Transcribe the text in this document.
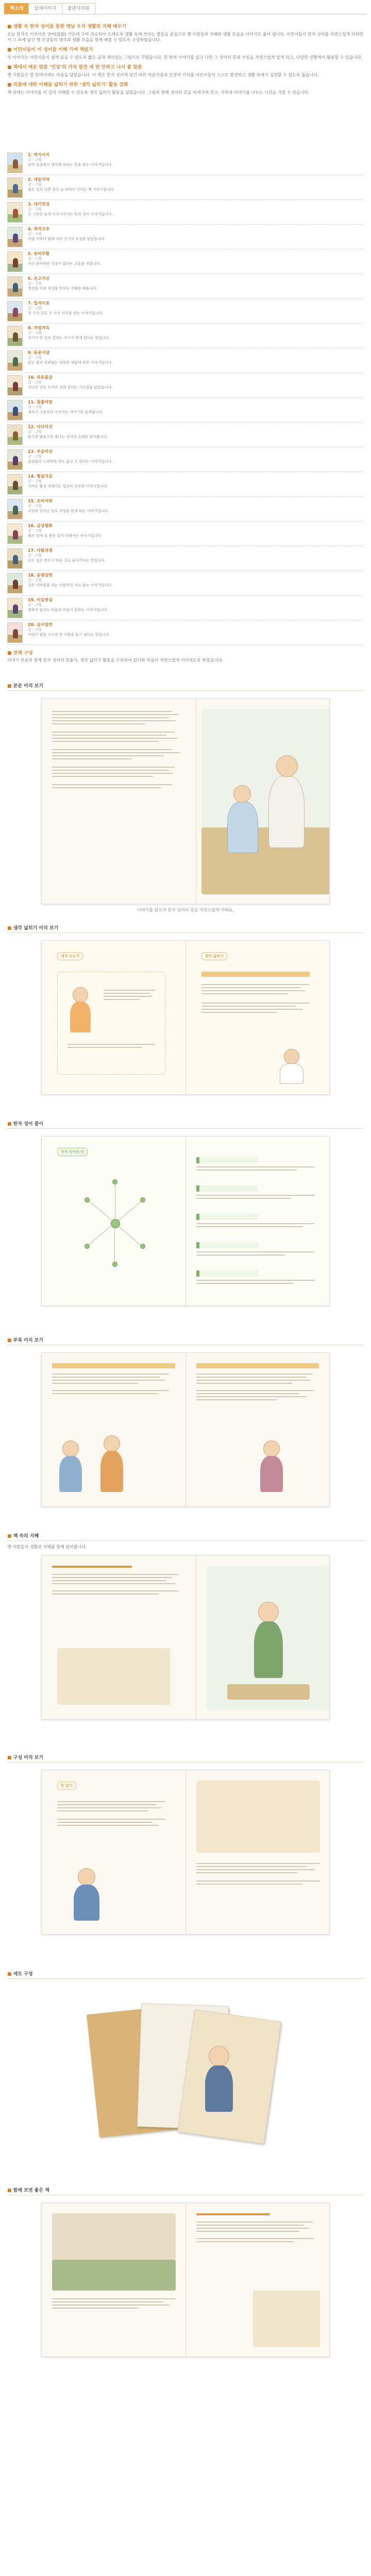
책소개	상세이미지	출판사리뷰
■ 생활 속 한자 성어를 통한 옛날 우리 생활의 지혜 배우기

오늘 한자로 이루어진 성어(成語) 가운데 구비 전승되어 오래도록 생활 속에 쓰이는 말들을 중심으로 옛 사람들의 지혜와 생활 모습을 이야기로 풀어 냅니다. 어린이들이 한자 성어를 자연스럽게 익히면서 그 속에 담긴 옛 조상들의 생각과 생활 모습을 함께 배울 수 있도록 구성하였습니다.

■ 어린이들이 이 성어를 이해 가며 책읽기

각 이야기는 어린이들이 쉽게 읽을 수 있도록 짧은 글과 재미있는 그림으로 꾸몄습니다. 한 편의 이야기를 읽고 나면 그 성어의 뜻과 쓰임을 자연스럽게 알게 되고, 다양한 상황에서 활용할 수 있습니다.

■ 책에서 배운 말씀 ‘인성’의 가치 발견 세 번 만하고 나서 좋 말씀

옛 사람들은 말 한마디에도 마음을 담았습니다. 이 책은 한자 성어에 담긴 바른 마음가짐과 인성의 가치를 어린이들이 스스로 발견하고 생활 속에서 실천할 수 있도록 돕습니다.

■ 작품에 대한 이해를 넓히기 위한 ‘생각 넓히기’ 활동 강화

책 뒤에는 이야기를 더 깊이 이해할 수 있도록 생각 넓히기 활동을 실었습니다. 그림과 함께 성어의 뜻을 되새기며 친구, 가족과 이야기를 나누는 시간을 가질 수 있습니다.

1. 역지사지
글 · 그림
남의 입장에서 생각해 보라는 뜻을 담은 이야기입니다.
2. 새옹지마
글 · 그림
좋은 일과 나쁜 일은 늘 바뀌어 간다는 옛 이야기입니다.
3. 대기만성
글 · 그림
큰 그릇은 늦게 이루어진다는 뜻의 성어 이야기입니다.
4. 죽마고우
글 · 그림
어릴 적부터 함께 자란 친구의 우정을 담았습니다.
5. 유비무환
글 · 그림
미리 준비하면 걱정이 없다는 교훈을 전합니다.
6. 온고지신
글 · 그림
옛것을 익혀 새것을 안다는 지혜를 배웁니다.
7. 일석이조
글 · 그림
한 가지 일로 두 가지 이득을 얻는 이야기입니다.
8. 자업자득
글 · 그림
자기가 한 일의 결과는 자기가 받게 된다는 뜻입니다.
9. 동문서답
글 · 그림
묻는 말과 상관없는 엉뚱한 대답에 관한 이야기입니다.
10. 과유불급
글 · 그림
지나친 것은 모자란 것과 같다는 가르침을 담았습니다.
11. 청출어람
글 · 그림
제자가 스승보다 나아지는 이야기를 들려줍니다.
12. 다다익선
글 · 그림
많으면 많을수록 좋다는 성어의 유래를 알아봅니다.
13. 우공이산
글 · 그림
끊임없이 노력하면 산도 옮길 수 있다는 이야기입니다.
14. 형설지공
글 · 그림
어려운 환경 속에서도 열심히 공부한 이야기입니다.
15. 오비이락
글 · 그림
우연히 일어난 일로 의심을 받게 되는 이야기입니다.
16. 금상첨화
글 · 그림
좋은 일에 또 좋은 일이 더해지는 이야기입니다.
17. 사필귀정
글 · 그림
모든 일은 반드시 바른 길로 돌아간다는 뜻입니다.
18. 동병상련
글 · 그림
같은 어려움을 겪는 사람끼리 서로 돕는 이야기입니다.
19. 이심전심
글 · 그림
말하지 않아도 마음과 마음이 통하는 이야기입니다.
20. 십시일반
글 · 그림
여럿이 힘을 모으면 한 사람을 돕기 쉽다는 뜻입니다.
■ 전체 구성

이야기 본문과 함께 한자 성어의 뜻풀이, 생각 넓히기 활동을 수록하여 읽기와 학습이 자연스럽게 이어지도록 하였습니다.

■ 본문 미리 보기
이야기를 읽으며 한자 성어의 뜻을 자연스럽게 익혀요.
■ 생각 넓히기 미리 보기
생각 나누기	생각 넓히기
■ 한자 성어 풀이
한자 성어의 뜻
■ 부록 미리 보기
■ 책 속의 지혜
옛 사람들의 생활과 지혜를 함께 살펴봅니다.
■ 구성 미리 보기
뜻 알기
■ 세트 구성
■ 함께 보면 좋은 책
